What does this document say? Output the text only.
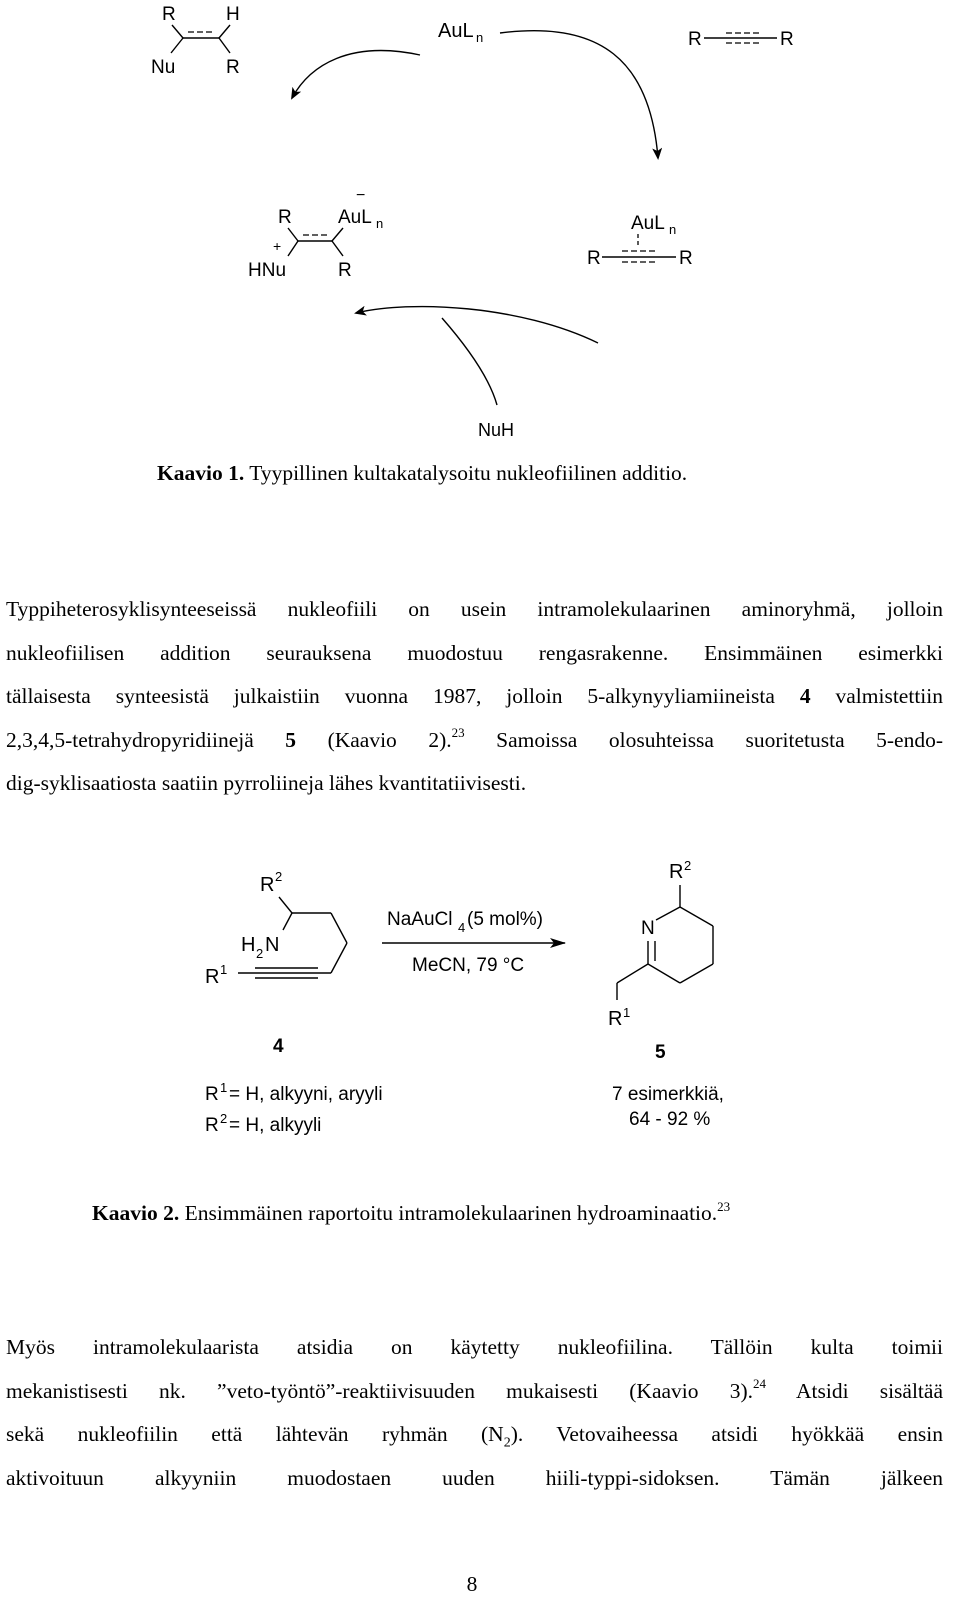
R	H
Nu	R
AuL n	R	R
R
−
AuL n
+
HNu	R
AuL n
R	R
NuH
Kaavio 1. Tyypillinen kultakatalysoitu nukleofiilinen additio.
Typpiheterosyklisynteeseissä nukleofiili on usein intramolekulaarinen aminoryhmä, jolloin
nukleofiilisen addition seurauksena muodostuu rengasrakenne. Ensimmäinen esimerkki
tällaisesta synteesistä julkaistiin vuonna 1987, jolloin 5-alkynyyliamiineista 4 valmistettiin
2,3,4,5-tetrahydropyridiinejä 5 (Kaavio 2).$^{23}$ Samoissa olosuhteissa suoritetusta 5-endo-
dig-syklisaatiosta saatiin pyrroliineja lähes kvantitatiivisesti.
R 2
H 2 N
R 1
4
NaAuCl 4 (5 mol%)
MeCN, 79 °C
R 2
N
R 1
5
R 1 = H, alkyyni, aryyli
R 2 = H, alkyyli
7 esimerkkiä,
64 - 92 %
Kaavio 2. Ensimmäinen raportoitu intramolekulaarinen hydroaminaatio.$^{23}$
Myös intramolekulaarista atsidia on käytetty nukleofiilina. Tällöin kulta toimii
mekanistisesti nk. ”veto-työntö”-reaktiivisuuden mukaisesti (Kaavio 3).$^{24}$ Atsidi sisältää
sekä nukleofiilin että lähtevän ryhmän $(N_2)$. Vetovaiheessa atsidi hyökkää ensin
aktivoituun alkyyniin muodostaen uuden hiili-typpi-sidoksen. Tämän jälkeen
8
